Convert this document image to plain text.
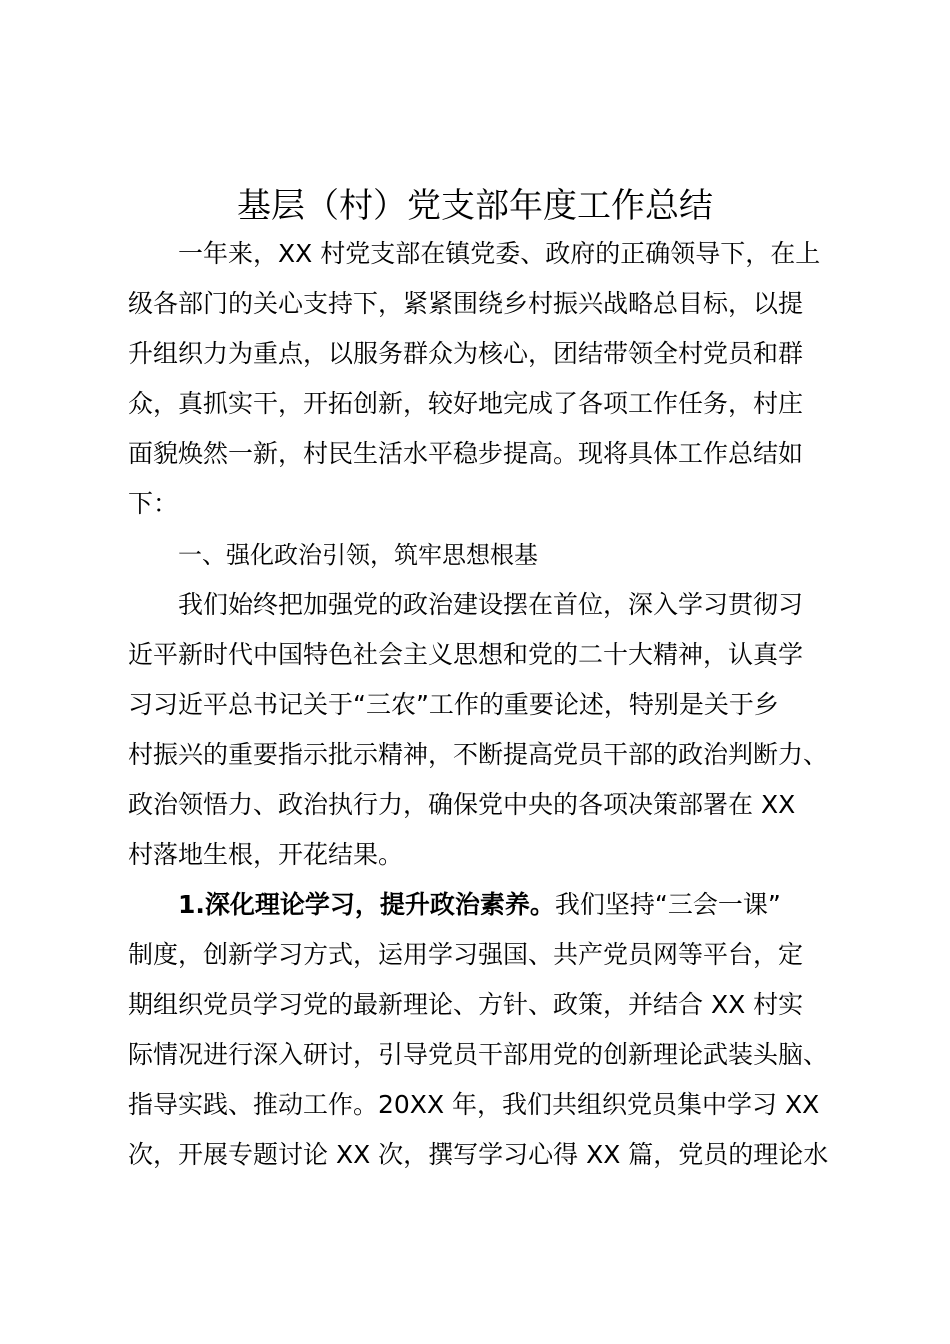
基层（村）党支部年度工作总结

一年来，XX 村党支部在镇党委、政府的正确领导下，在上

级各部门的关心支持下，紧紧围绕乡村振兴战略总目标，以提

升组织力为重点，以服务群众为核心，团结带领全村党员和群

众，真抓实干，开拓创新，较好地完成了各项工作任务，村庄

面貌焕然一新，村民生活水平稳步提高。现将具体工作总结如

下：

一、强化政治引领，筑牢思想根基

我们始终把加强党的政治建设摆在首位，深入学习贯彻习

近平新时代中国特色社会主义思想和党的二十大精神，认真学

习习近平总书记关于“三农”工作的重要论述，特别是关于乡

村振兴的重要指示批示精神，不断提高党员干部的政治判断力、

政治领悟力、政治执行力，确保党中央的各项决策部署在 XX

村落地生根，开花结果。

1.深化理论学习，提升政治素养。我们坚持“三会一课”

制度，创新学习方式，运用学习强国、共产党员网等平台，定

期组织党员学习党的最新理论、方针、政策，并结合 XX 村实

际情况进行深入研讨，引导党员干部用党的创新理论武装头脑、

指导实践、推动工作。20XX 年，我们共组织党员集中学习 XX

次，开展专题讨论 XX 次，撰写学习心得 XX 篇，党员的理论水
